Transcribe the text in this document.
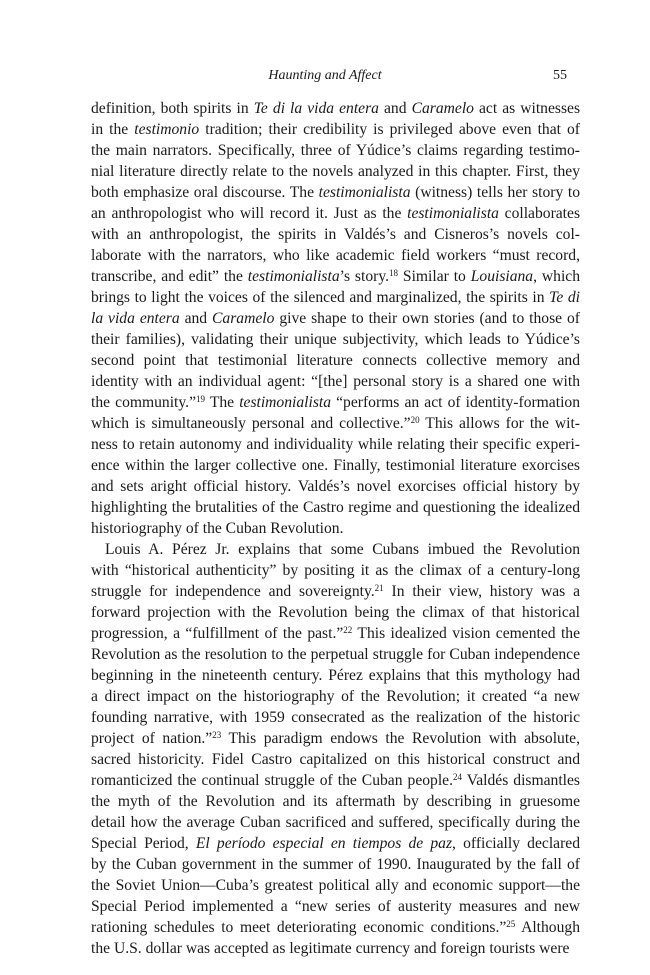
Haunting and Affect	55
definition, both spirits in Te di la vida entera and Caramelo act as witnesses
in the testimonio tradition; their credibility is privileged above even that of
the main narrators. Specifically, three of Yúdice’s claims regarding testimo-
nial literature directly relate to the novels analyzed in this chapter. First, they
both emphasize oral discourse. The testimonialista (witness) tells her story to
an anthropologist who will record it. Just as the testimonialista collaborates
with an anthropologist, the spirits in Valdés’s and Cisneros’s novels col-
laborate with the narrators, who like academic field workers “must record,
transcribe, and edit” the testimonialista’s story.$^{18}$ Similar to Louisiana, which
brings to light the voices of the silenced and marginalized, the spirits in Te di
la vida entera and Caramelo give shape to their own stories (and to those of
their families), validating their unique subjectivity, which leads to Yúdice’s
second point that testimonial literature connects collective memory and
identity with an individual agent: “[the] personal story is a shared one with
the community.”$^{19}$ The testimonialista “performs an act of identity-formation
which is simultaneously personal and collective.”$^{20}$ This allows for the wit-
ness to retain autonomy and individuality while relating their specific experi-
ence within the larger collective one. Finally, testimonial literature exorcises
and sets aright official history. Valdés’s novel exorcises official history by
highlighting the brutalities of the Castro regime and questioning the idealized
historiography of the Cuban Revolution.
Louis A. Pérez Jr. explains that some Cubans imbued the Revolution
with “historical authenticity” by positing it as the climax of a century-long
struggle for independence and sovereignty.$^{21}$ In their view, history was a
forward projection with the Revolution being the climax of that historical
progression, a “fulfillment of the past.”$^{22}$ This idealized vision cemented the
Revolution as the resolution to the perpetual struggle for Cuban independence
beginning in the nineteenth century. Pérez explains that this mythology had
a direct impact on the historiography of the Revolution; it created “a new
founding narrative, with 1959 consecrated as the realization of the historic
project of nation.”$^{23}$ This paradigm endows the Revolution with absolute,
sacred historicity. Fidel Castro capitalized on this historical construct and
romanticized the continual struggle of the Cuban people.$^{24}$ Valdés dismantles
the myth of the Revolution and its aftermath by describing in gruesome
detail how the average Cuban sacrificed and suffered, specifically during the
Special Period, El período especial en tiempos de paz, officially declared
by the Cuban government in the summer of 1990. Inaugurated by the fall of
the Soviet Union—Cuba’s greatest political ally and economic support—the
Special Period implemented a “new series of austerity measures and new
rationing schedules to meet deteriorating economic conditions.”$^{25}$ Although
the U.S. dollar was accepted as legitimate currency and foreign tourists were
